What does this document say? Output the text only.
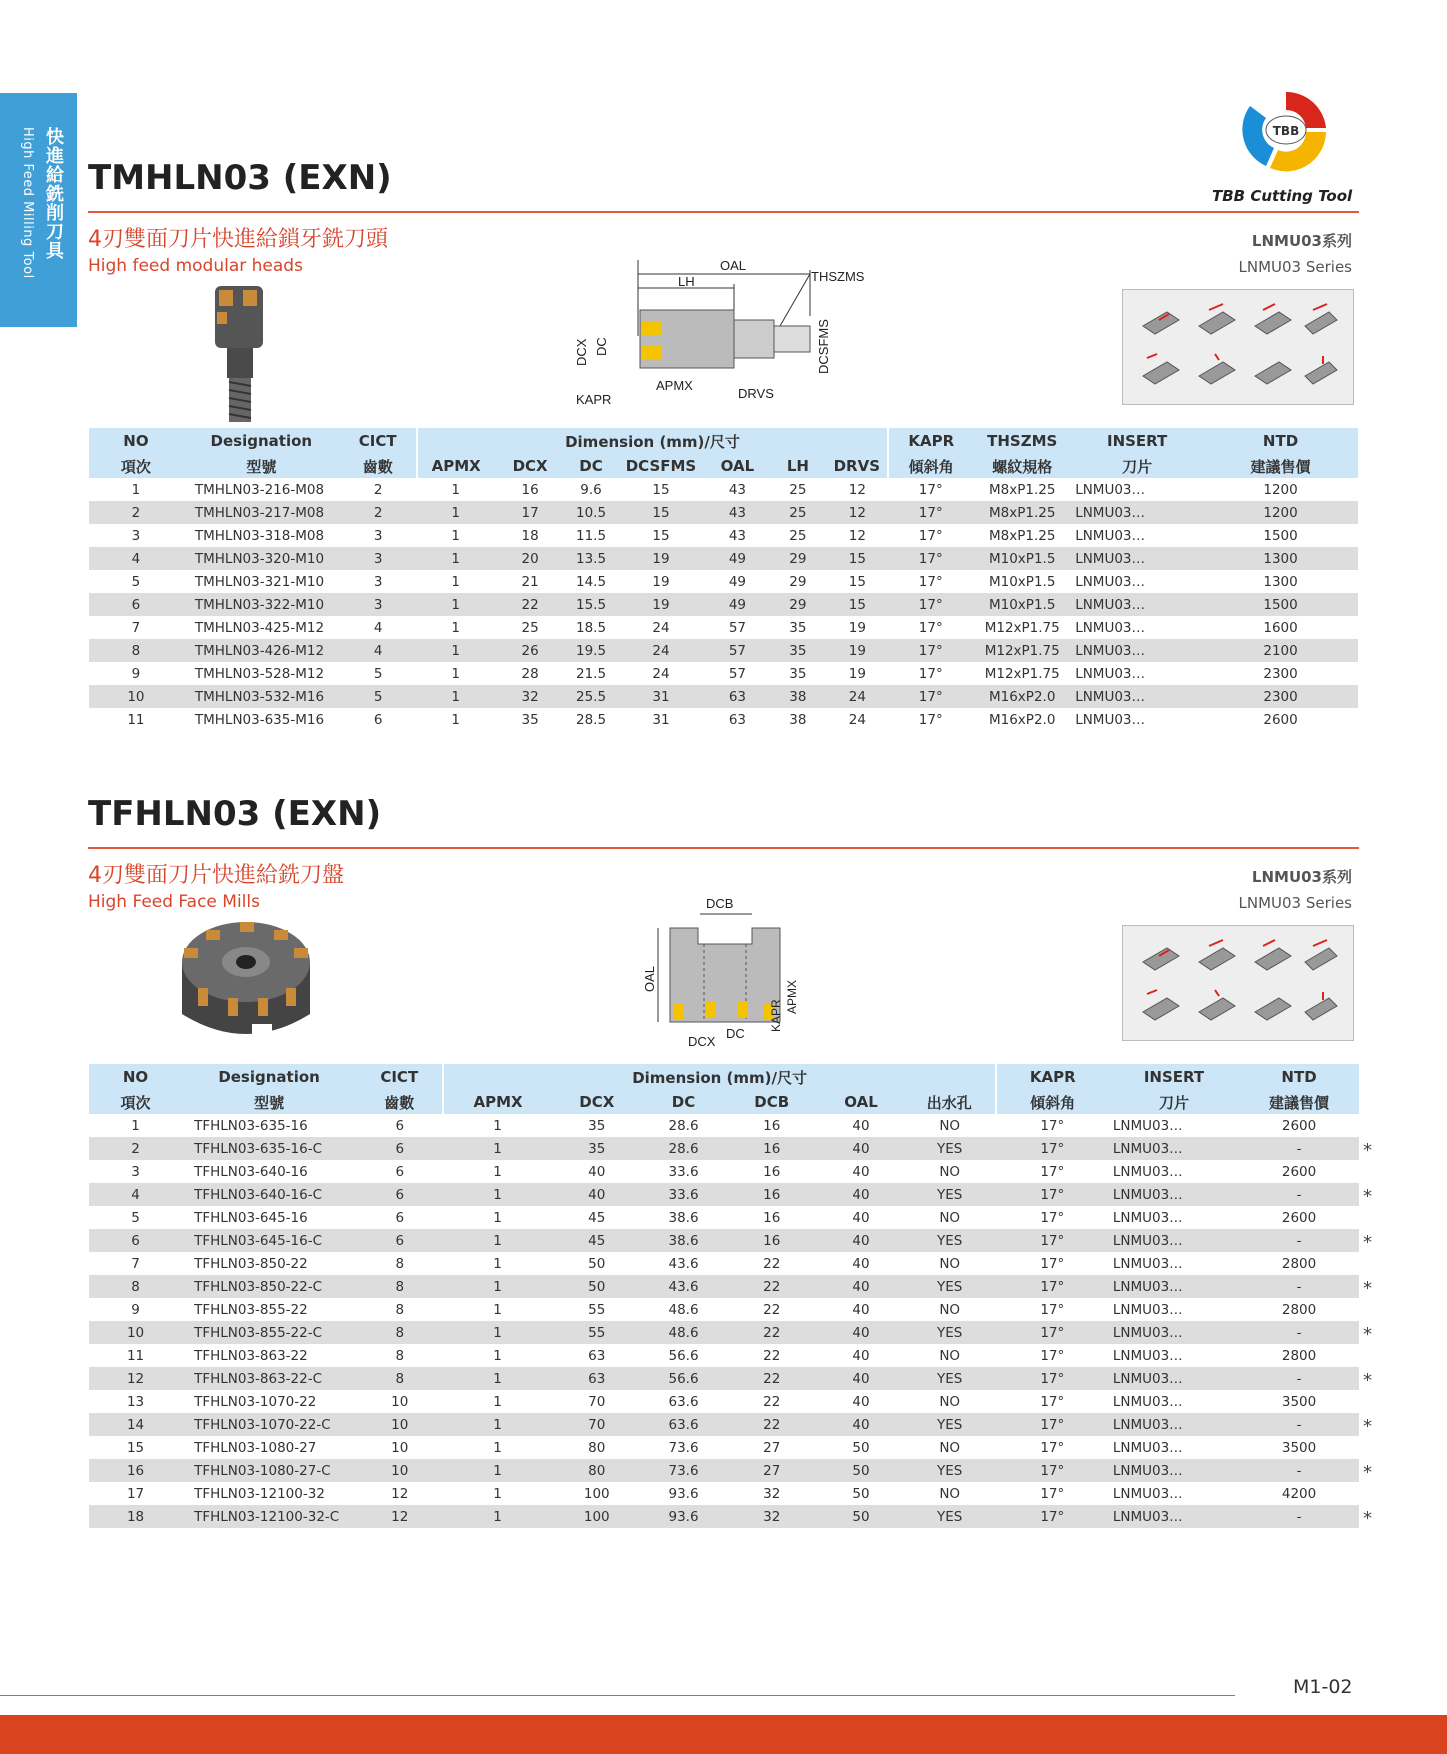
快進給銑削刀具
High Feed Milling Tool	TBB
TBB Cutting Tool
TMHLN03 (EXN)
4刃雙面刀片快進給鎖牙銑刀頭
High feed modular heads
LNMU03系列
LNMU03 Series
OAL
LH	THSZMS
DCX DC	DCSFMS
APMX
KAPR	DRVS
NO	Designation	CICT	Dimension (mm)/尺寸							KAPR	THSZMS	INSERT	NTD
項次	型號	齒數	APMX	DCX	DC	DCSFMS	OAL	LH	DRVS	傾斜角	螺紋規格	刀片	建議售價
1	TMHLN03-216-M08	2	1	16	9.6	15	43	25	12	17°	M8xP1.25	LNMU03…	1200
2	TMHLN03-217-M08	2	1	17	10.5	15	43	25	12	17°	M8xP1.25	LNMU03…	1200
3	TMHLN03-318-M08	3	1	18	11.5	15	43	25	12	17°	M8xP1.25	LNMU03…	1500
4	TMHLN03-320-M10	3	1	20	13.5	19	49	29	15	17°	M10xP1.5	LNMU03…	1300
5	TMHLN03-321-M10	3	1	21	14.5	19	49	29	15	17°	M10xP1.5	LNMU03…	1300
6	TMHLN03-322-M10	3	1	22	15.5	19	49	29	15	17°	M10xP1.5	LNMU03…	1500
7	TMHLN03-425-M12	4	1	25	18.5	24	57	35	19	17°	M12xP1.75	LNMU03…	1600
8	TMHLN03-426-M12	4	1	26	19.5	24	57	35	19	17°	M12xP1.75	LNMU03…	2100
9	TMHLN03-528-M12	5	1	28	21.5	24	57	35	19	17°	M12xP1.75	LNMU03…	2300
10	TMHLN03-532-M16	5	1	32	25.5	31	63	38	24	17°	M16xP2.0	LNMU03…	2300
11	TMHLN03-635-M16	6	1	35	28.5	31	63	38	24	17°	M16xP2.0	LNMU03…	2600
TFHLN03 (EXN)
4刃雙面刀片快進給銑刀盤
High Feed Face Mills
LNMU03系列
LNMU03 Series
DCB
OAL
KAPR
APMX
DCX
DC
NO	Designation	CICT	Dimension (mm)/尺寸						KAPR	INSERT	NTD
項次	型號	齒數	APMX	DCX	DC	DCB	OAL	出水孔	傾斜角	刀片	建議售價
1	TFHLN03-635-16	6	1	35	28.6	16	40	NO	17°	LNMU03…	2600
2	TFHLN03-635-16-C	6	1	35	28.6	16	40	YES	17°	LNMU03…	-
3	TFHLN03-640-16	6	1	40	33.6	16	40	NO	17°	LNMU03…	2600
4	TFHLN03-640-16-C	6	1	40	33.6	16	40	YES	17°	LNMU03…	-
5	TFHLN03-645-16	6	1	45	38.6	16	40	NO	17°	LNMU03…	2600
6	TFHLN03-645-16-C	6	1	45	38.6	16	40	YES	17°	LNMU03…	-
7	TFHLN03-850-22	8	1	50	43.6	22	40	NO	17°	LNMU03…	2800
8	TFHLN03-850-22-C	8	1	50	43.6	22	40	YES	17°	LNMU03…	-
9	TFHLN03-855-22	8	1	55	48.6	22	40	NO	17°	LNMU03…	2800
10	TFHLN03-855-22-C	8	1	55	48.6	22	40	YES	17°	LNMU03…	-
11	TFHLN03-863-22	8	1	63	56.6	22	40	NO	17°	LNMU03…	2800
12	TFHLN03-863-22-C	8	1	63	56.6	22	40	YES	17°	LNMU03…	-
13	TFHLN03-1070-22	10	1	70	63.6	22	40	NO	17°	LNMU03…	3500
14	TFHLN03-1070-22-C	10	1	70	63.6	22	40	YES	17°	LNMU03…	-
15	TFHLN03-1080-27	10	1	80	73.6	27	50	NO	17°	LNMU03…	3500
16	TFHLN03-1080-27-C	10	1	80	73.6	27	50	YES	17°	LNMU03…	-
17	TFHLN03-12100-32	12	1	100	93.6	32	50	NO	17°	LNMU03…	4200
18	TFHLN03-12100-32-C	12	1	100	93.6	32	50	YES	17°	LNMU03…	-
*
*
*
*
*
*
*
*
*
M1-02
